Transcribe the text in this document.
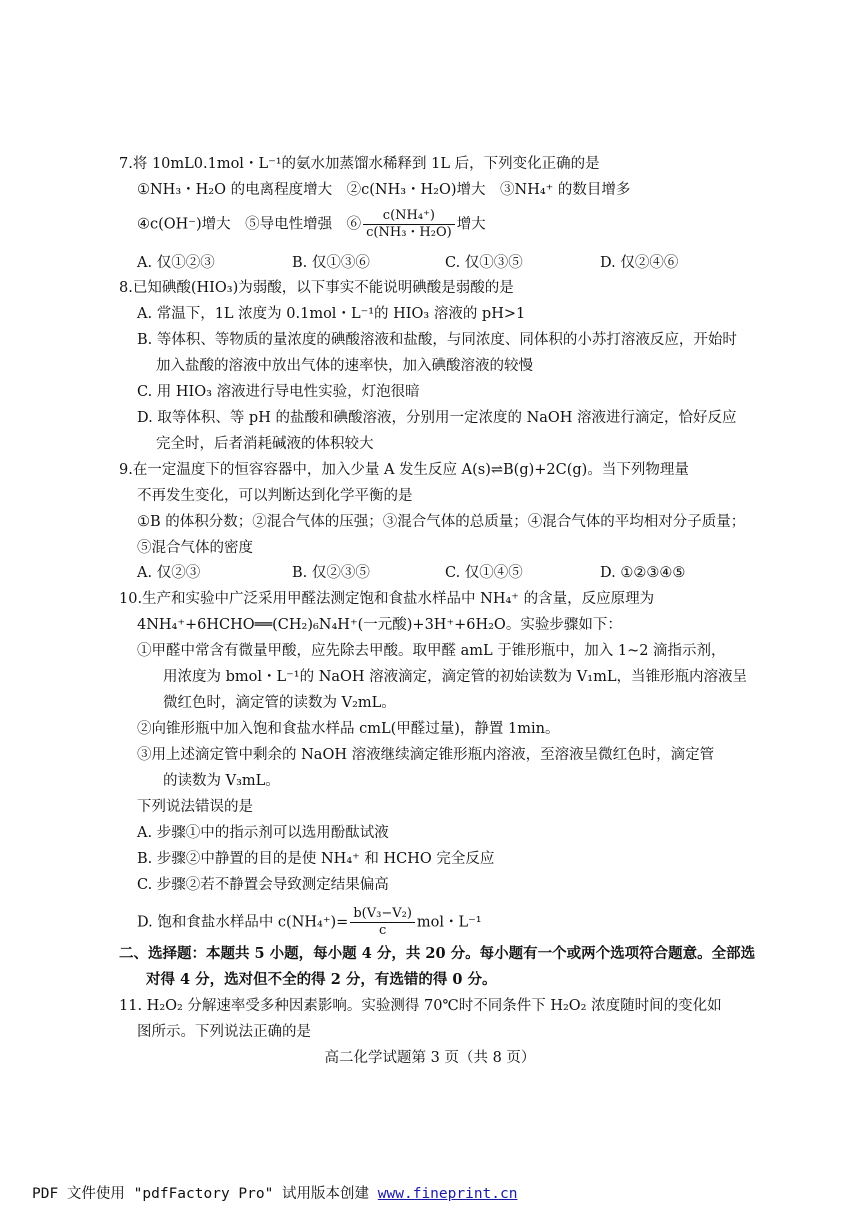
7.将 10mL0.1mol・L⁻¹的氨水加蒸馏水稀释到 1L 后，下列变化正确的是
①NH₃・H₂O 的电离程度增大　②c(NH₃・H₂O)增大　③NH₄⁺ 的数目增多
④c(OH⁻)增大　⑤导电性增强　⑥ $\frac{\text{c(NH₄⁺)}}{\text{c(NH₃・H₂O)}}$ 增大
A. 仅①②③	B. 仅①③⑥	C. 仅①③⑤	D. 仅②④⑥
8.已知碘酸(HIO₃)为弱酸，以下事实不能说明碘酸是弱酸的是
A. 常温下，1L 浓度为 0.1mol・L⁻¹的 HIO₃ 溶液的 pH>1
B. 等体积、等物质的量浓度的碘酸溶液和盐酸，与同浓度、同体积的小苏打溶液反应，开始时
加入盐酸的溶液中放出气体的速率快，加入碘酸溶液的较慢
C. 用 HIO₃ 溶液进行导电性实验，灯泡很暗
D. 取等体积、等 pH 的盐酸和碘酸溶液，分别用一定浓度的 NaOH 溶液进行滴定，恰好反应
完全时，后者消耗碱液的体积较大
9.在一定温度下的恒容容器中，加入少量 A 发生反应 A(s)⇌B(g)+2C(g)。当下列物理量
不再发生变化，可以判断达到化学平衡的是
①B 的体积分数；②混合气体的压强；③混合气体的总质量；④混合气体的平均相对分子质量；
⑤混合气体的密度
A. 仅②③	B. 仅②③⑤	C. 仅①④⑤	D. ①②③④⑤
10.生产和实验中广泛采用甲醛法测定饱和食盐水样品中 NH₄⁺ 的含量，反应原理为
4NH₄⁺+6HCHO══(CH₂)₆N₄H⁺(一元酸)+3H⁺+6H₂O。实验步骤如下：
①甲醛中常含有微量甲酸，应先除去甲酸。取甲醛 amL 于锥形瓶中，加入 1~2 滴指示剂，
用浓度为 bmol・L⁻¹的 NaOH 溶液滴定，滴定管的初始读数为 V₁mL，当锥形瓶内溶液呈
微红色时，滴定管的读数为 V₂mL。
②向锥形瓶中加入饱和食盐水样品 cmL(甲醛过量)，静置 1min。
③用上述滴定管中剩余的 NaOH 溶液继续滴定锥形瓶内溶液，至溶液呈微红色时，滴定管
的读数为 V₃mL。
下列说法错误的是
A. 步骤①中的指示剂可以选用酚酞试液
B. 步骤②中静置的目的是使 NH₄⁺ 和 HCHO 完全反应
C. 步骤②若不静置会导致测定结果偏高
D. 饱和食盐水样品中 $c(NH_4^+)= \frac{\text{b(V₃−V₂)}}{c}$ mol・L⁻¹
二、选择题：本题共 5 小题，每小题 4 分，共 20 分。每小题有一个或两个选项符合题意。全部选
对得 4 分，选对但不全的得 2 分，有选错的得 0 分。
11. H₂O₂ 分解速率受多种因素影响。实验测得 70℃时不同条件下 H₂O₂ 浓度随时间的变化如
图所示。下列说法正确的是
高二化学试题第 3 页（共 8 页）
PDF 文件使用 "pdfFactory Pro" 试用版本创建 www.fineprint.cn
